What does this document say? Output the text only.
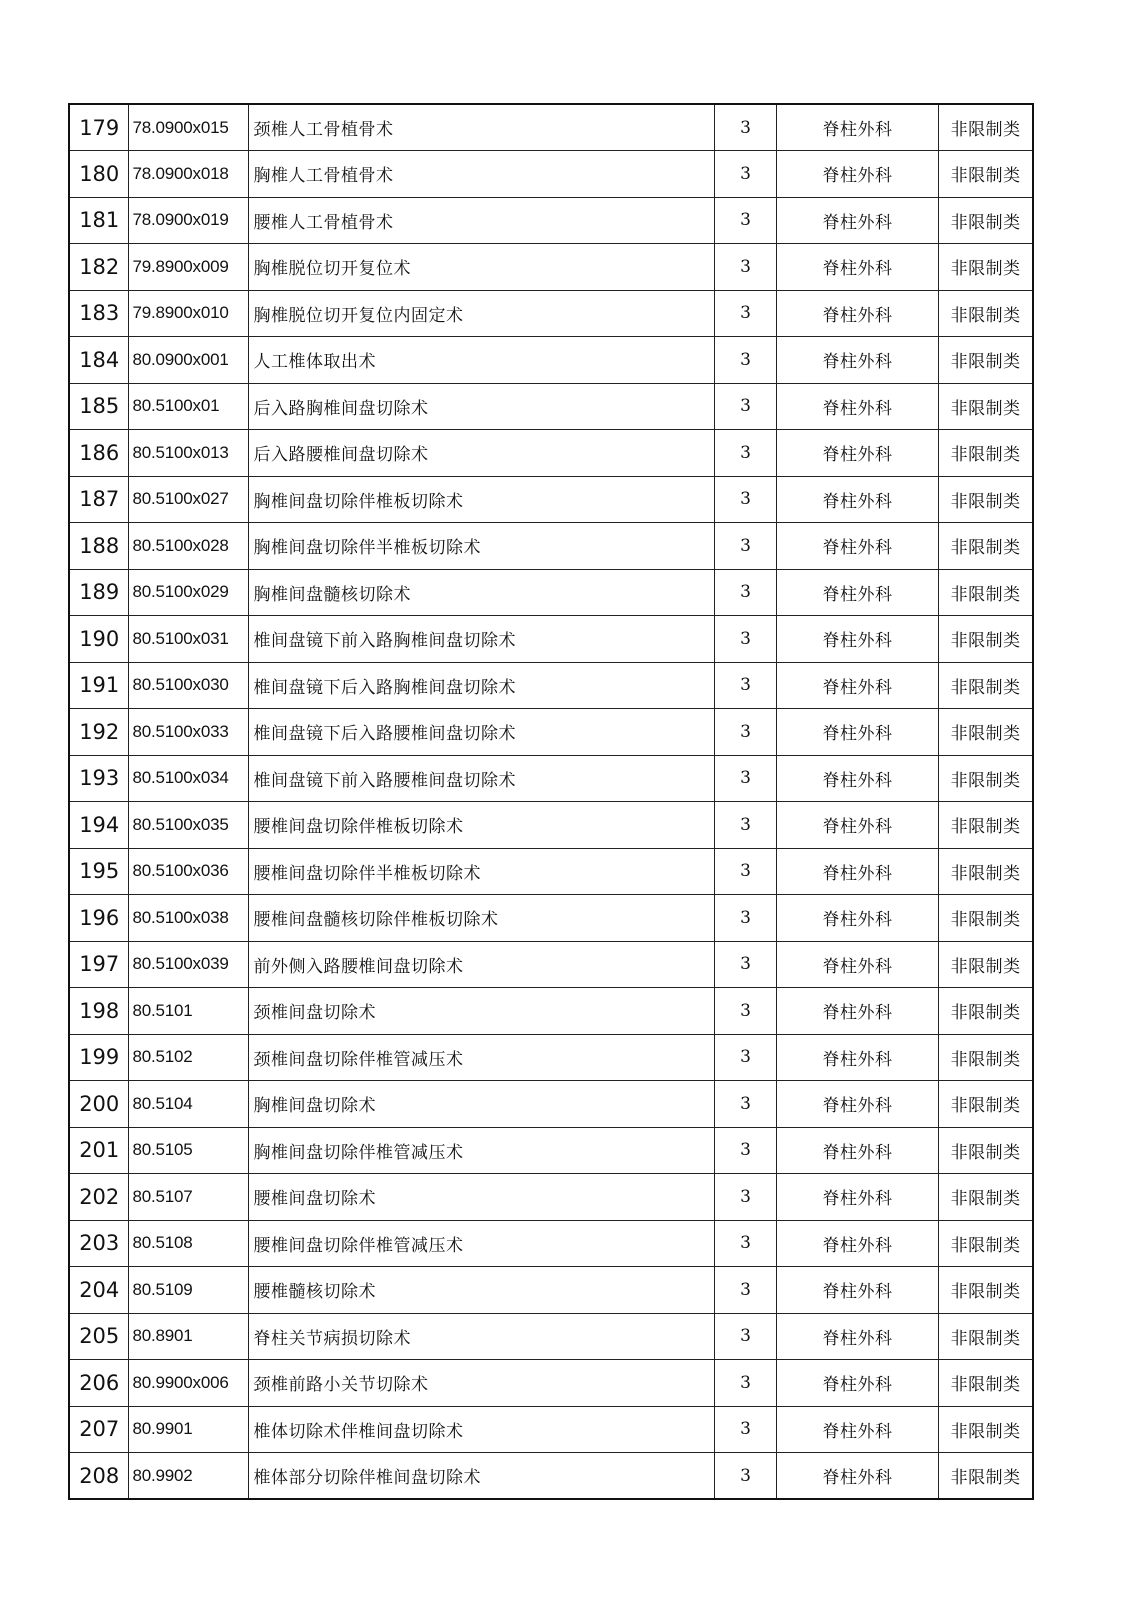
179	78.0900x015	颈椎人工骨植骨术	3	脊柱外科	非限制类
180	78.0900x018	胸椎人工骨植骨术	3	脊柱外科	非限制类
181	78.0900x019	腰椎人工骨植骨术	3	脊柱外科	非限制类
182	79.8900x009	胸椎脱位切开复位术	3	脊柱外科	非限制类
183	79.8900x010	胸椎脱位切开复位内固定术	3	脊柱外科	非限制类
184	80.0900x001	人工椎体取出术	3	脊柱外科	非限制类
185	80.5100x01	后入路胸椎间盘切除术	3	脊柱外科	非限制类
186	80.5100x013	后入路腰椎间盘切除术	3	脊柱外科	非限制类
187	80.5100x027	胸椎间盘切除伴椎板切除术	3	脊柱外科	非限制类
188	80.5100x028	胸椎间盘切除伴半椎板切除术	3	脊柱外科	非限制类
189	80.5100x029	胸椎间盘髓核切除术	3	脊柱外科	非限制类
190	80.5100x031	椎间盘镜下前入路胸椎间盘切除术	3	脊柱外科	非限制类
191	80.5100x030	椎间盘镜下后入路胸椎间盘切除术	3	脊柱外科	非限制类
192	80.5100x033	椎间盘镜下后入路腰椎间盘切除术	3	脊柱外科	非限制类
193	80.5100x034	椎间盘镜下前入路腰椎间盘切除术	3	脊柱外科	非限制类
194	80.5100x035	腰椎间盘切除伴椎板切除术	3	脊柱外科	非限制类
195	80.5100x036	腰椎间盘切除伴半椎板切除术	3	脊柱外科	非限制类
196	80.5100x038	腰椎间盘髓核切除伴椎板切除术	3	脊柱外科	非限制类
197	80.5100x039	前外侧入路腰椎间盘切除术	3	脊柱外科	非限制类
198	80.5101	颈椎间盘切除术	3	脊柱外科	非限制类
199	80.5102	颈椎间盘切除伴椎管减压术	3	脊柱外科	非限制类
200	80.5104	胸椎间盘切除术	3	脊柱外科	非限制类
201	80.5105	胸椎间盘切除伴椎管减压术	3	脊柱外科	非限制类
202	80.5107	腰椎间盘切除术	3	脊柱外科	非限制类
203	80.5108	腰椎间盘切除伴椎管减压术	3	脊柱外科	非限制类
204	80.5109	腰椎髓核切除术	3	脊柱外科	非限制类
205	80.8901	脊柱关节病损切除术	3	脊柱外科	非限制类
206	80.9900x006	颈椎前路小关节切除术	3	脊柱外科	非限制类
207	80.9901	椎体切除术伴椎间盘切除术	3	脊柱外科	非限制类
208	80.9902	椎体部分切除伴椎间盘切除术	3	脊柱外科	非限制类
